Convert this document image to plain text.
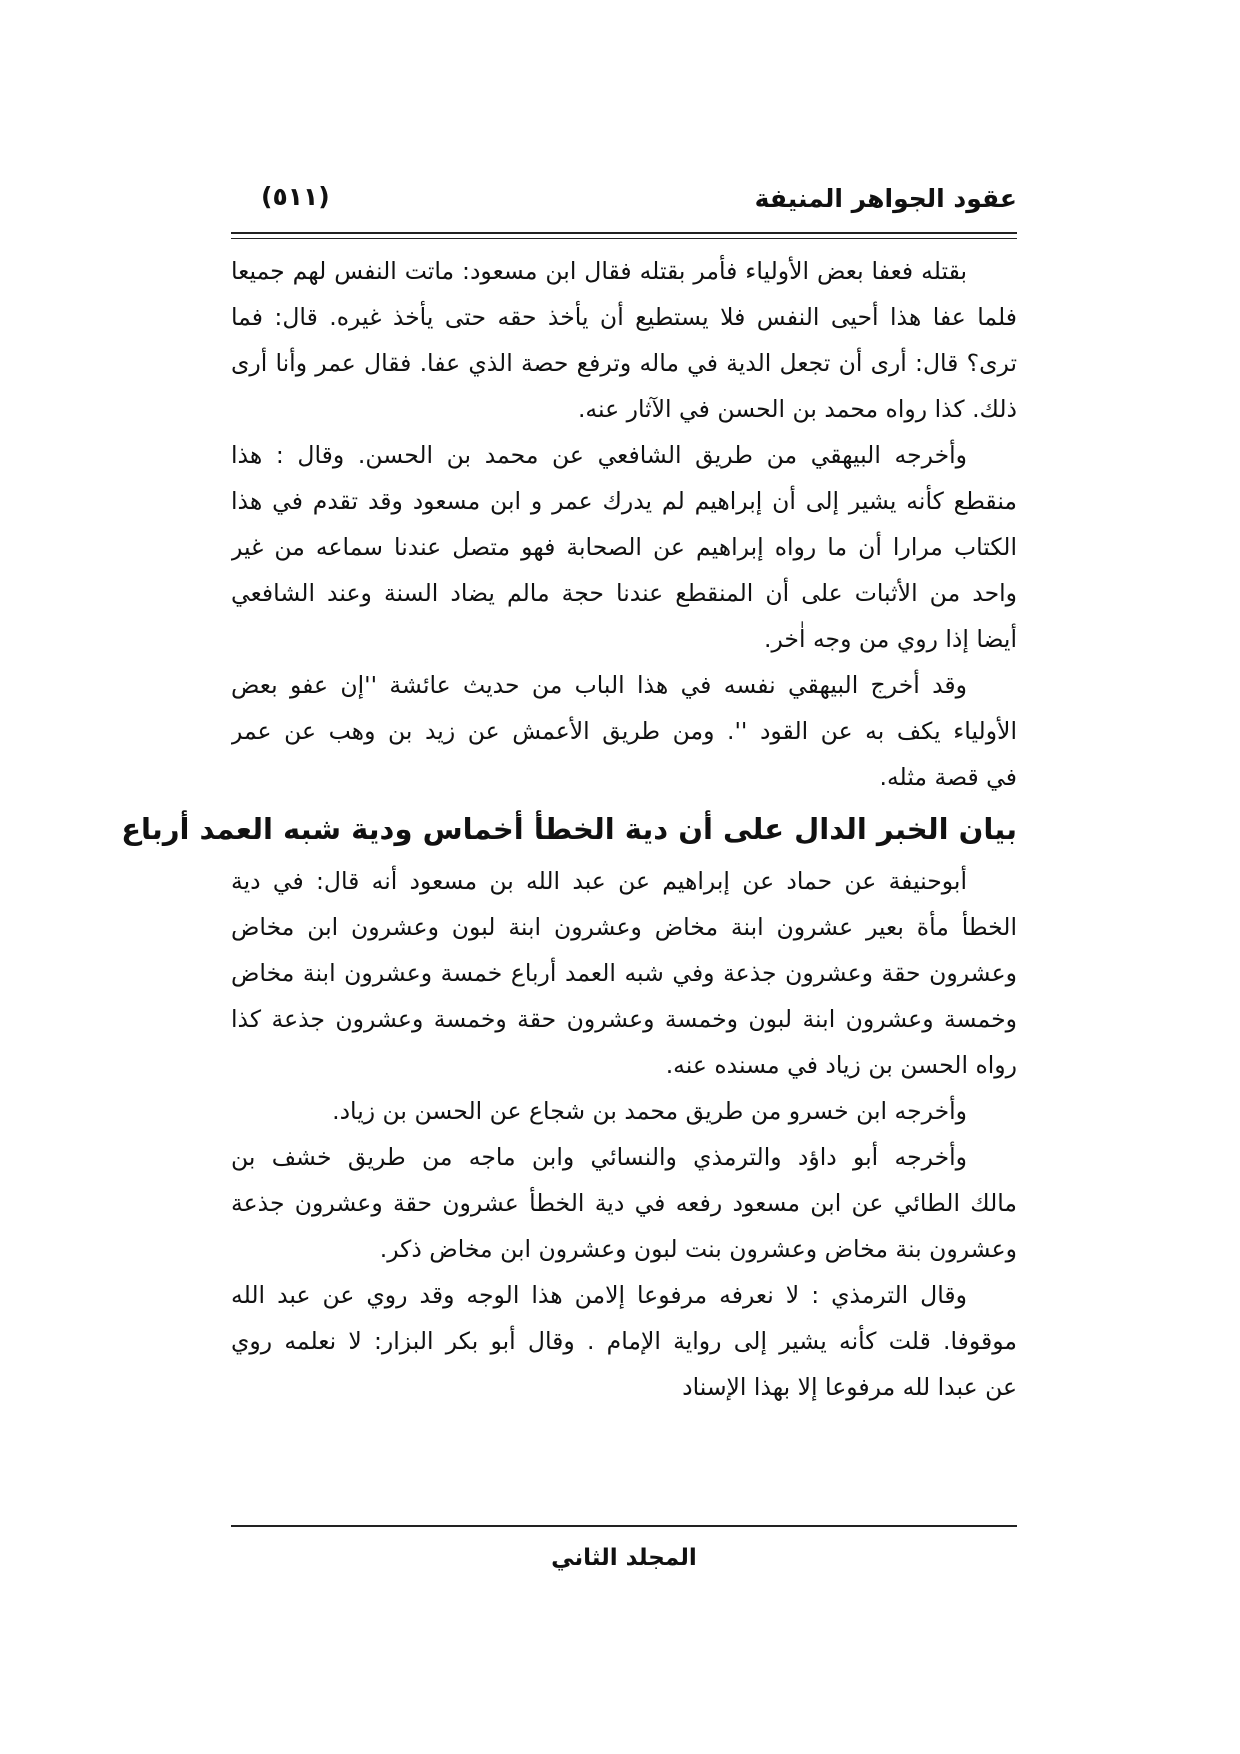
عقود الجواهر المنيفة
(٥١١)
بقتله فعفا بعض الأولياء فأمر بقتله فقال ابن مسعود: ماتت النفس لهم جميعا
فلما عفا هذا أحيى النفس فلا يستطيع أن يأخذ حقه حتى يأخذ غيره. قال: فما
ترى؟ قال: أرى أن تجعل الدية في ماله وترفع حصة الذي عفا. فقال عمر وأنا أرى
ذلك. كذا رواه محمد بن الحسن في الآثار عنه.
وأخرجه البيهقي من طريق الشافعي عن محمد بن الحسن. وقال : هذا
منقطع كأنه يشير إلى أن إبراهيم لم يدرك عمر و ابن مسعود وقد تقدم في هذا
الكتاب مرارا أن ما رواه إبراهيم عن الصحابة فهو متصل عندنا سماعه من غير
واحد من الأثبات على أن المنقطع عندنا حجة مالم يضاد السنة وعند الشافعي
أيضا إذا روي من وجه اٰخر.
وقد أخرج البيهقي نفسه في هذا الباب من حديث عائشة ''إن عفو بعض
الأولياء يكف به عن القود ''. ومن طريق الأعمش عن زيد بن وهب عن عمر
في قصة مثله.
بيان الخبر الدال على أن دية الخطأ أخماس ودية شبه العمد أرباع
أبوحنيفة عن حماد عن إبراهيم عن عبد الله بن مسعود أنه قال: في دية
الخطأ مأة بعير عشرون ابنة مخاض وعشرون ابنة لبون وعشرون ابن مخاض
وعشرون حقة وعشرون جذعة وفي شبه العمد أرباع خمسة وعشرون ابنة مخاض
وخمسة وعشرون ابنة لبون وخمسة وعشرون حقة وخمسة وعشرون جذعة كذا
رواه الحسن بن زياد في مسنده عنه.
وأخرجه ابن خسرو من طريق محمد بن شجاع عن الحسن بن زياد.
وأخرجه أبو داؤد والترمذي والنسائي وابن ماجه من طريق خشف بن
مالك الطائي عن ابن مسعود رفعه في دية الخطأ عشرون حقة وعشرون جذعة
وعشرون بنة مخاض وعشرون بنت لبون وعشرون ابن مخاض ذكر.
وقال الترمذي : لا نعرفه مرفوعا إلامن هذا الوجه وقد روي عن عبد الله
موقوفا. قلت كأنه يشير إلى رواية الإمام . وقال أبو بكر البزار: لا نعلمه روي
عن عبدا لله مرفوعا إلا بهذا الإسناد
المجلد الثاني
